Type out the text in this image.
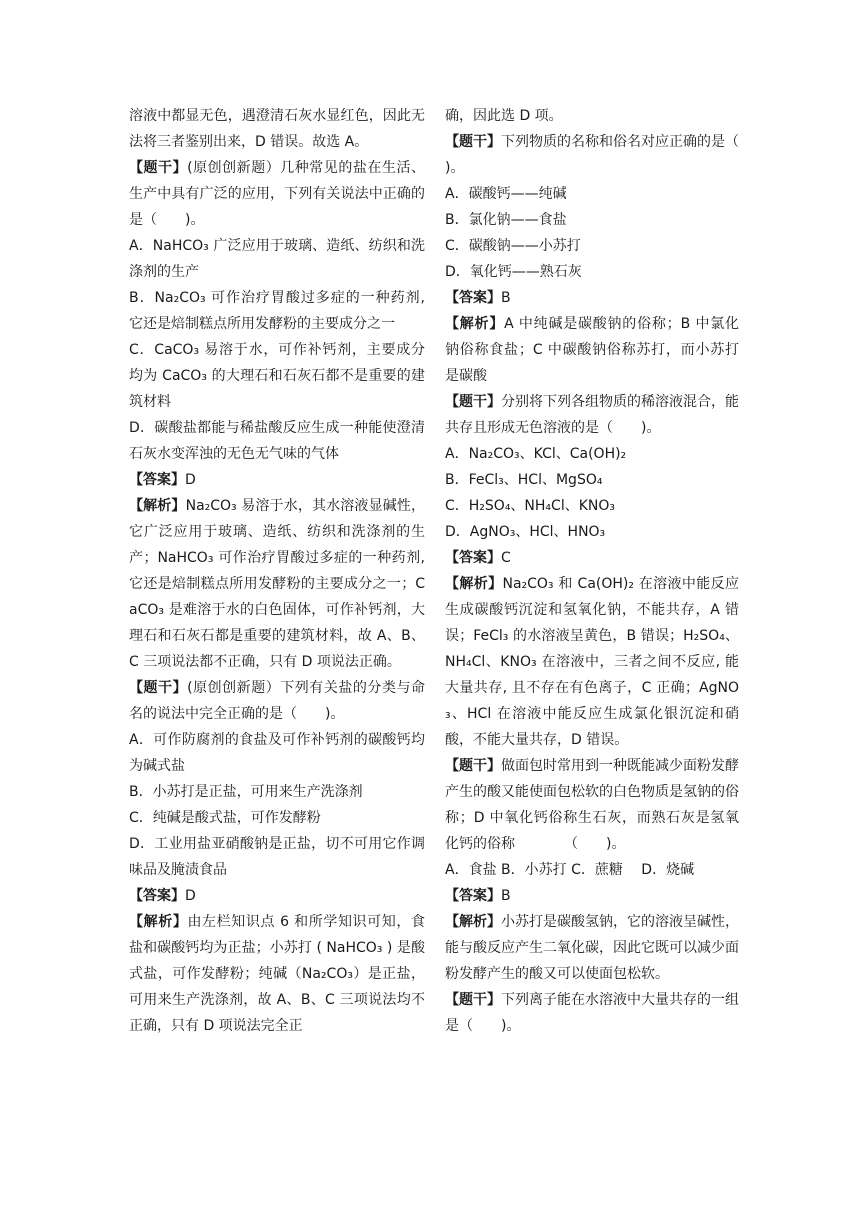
溶液中都显无色，遇澄清石灰水显红色，因此无法将三者鉴别出来，D 错误。故选 A。

【题干】(原创创新题）几种常见的盐在生活、生产中具有广泛的应用，下列有关说法中正确的是（　　)。

A．NaHCO₃ 广泛应用于玻璃、造纸、纺织和洗涤剂的生产

B．Na₂CO₃ 可作治疗胃酸过多症的一种药剂, 它还是焙制糕点所用发酵粉的主要成分之一

C．CaCO₃ 易溶于水，可作补钙剂，主要成分均为 CaCO₃ 的大理石和石灰石都不是重要的建筑材料

D．碳酸盐都能与稀盐酸反应生成一种能使澄清石灰水变浑浊的无色无气味的气体

【答案】D

【解析】Na₂CO₃ 易溶于水，其水溶液显碱性，它广泛应用于玻璃、造纸、纺织和洗涤剂的生产；NaHCO₃ 可作治疗胃酸过多症的一种药剂, 它还是焙制糕点所用发酵粉的主要成分之一；CaCO₃ 是难溶于水的白色固体，可作补钙剂，大理石和石灰石都是重要的建筑材料，故 A、B、C 三项说法都不正确，只有 D 项说法正确。

【题干】(原创创新题）下列有关盐的分类与命名的说法中完全正确的是（　　)。

A．可作防腐剂的食盐及可作补钙剂的碳酸钙均为碱式盐

B．小苏打是正盐，可用来生产洗涤剂

C．纯碱是酸式盐，可作发酵粉

D．工业用盐亚硝酸钠是正盐，切不可用它作调味品及腌渍食品

【答案】D

【解析】由左栏知识点 6 和所学知识可知，食盐和碳酸钙均为正盐；小苏打 ( NaHCO₃ ) 是酸式盐，可作发酵粉；纯碱（Na₂CO₃）是正盐，可用来生产洗涤剂，故 A、B、C 三项说法均不正确，只有 D 项说法完全正

确，因此选 D 项。

【题干】下列物质的名称和俗名对应正确的是（　　)。

A．碳酸钙——纯碱

B．氯化钠——食盐

C．碳酸钠——小苏打

D．氧化钙——熟石灰

【答案】B

【解析】A 中纯碱是碳酸钠的俗称；B 中氯化钠俗称食盐；C 中碳酸钠俗称苏打，而小苏打是碳酸

【题干】分别将下列各组物质的稀溶液混合，能共存且形成无色溶液的是（　　)。

A．Na₂CO₃、KCl、Ca(OH)₂

B．FeCl₃、HCl、MgSO₄

C．H₂SO₄、NH₄Cl、KNO₃

D．AgNO₃、HCl、HNO₃

【答案】C

【解析】Na₂CO₃ 和 Ca(OH)₂ 在溶液中能反应生成碳酸钙沉淀和氢氧化钠，不能共存，A 错误；FeCl₃ 的水溶液呈黄色，B 错误；H₂SO₄、NH₄Cl、KNO₃ 在溶液中，三者之间不反应, 能大量共存, 且不存在有色离子，C 正确；AgNO₃、HCl 在溶液中能反应生成氯化银沉淀和硝酸，不能大量共存，D 错误。

【题干】做面包时常用到一种既能减少面粉发酵产生的酸又能使面包松软的白色物质是氢钠的俗称；D 中氧化钙俗称生石灰，而熟石灰是氢氧化钙的俗称　　　　（　　)。

A．食盐 B．小苏打 C．蔗糖　 D．烧碱

【答案】B

【解析】小苏打是碳酸氢钠，它的溶液呈碱性，能与酸反应产生二氧化碳，因此它既可以减少面粉发酵产生的酸又可以使面包松软。

【题干】下列离子能在水溶液中大量共存的一组是（　　)。
